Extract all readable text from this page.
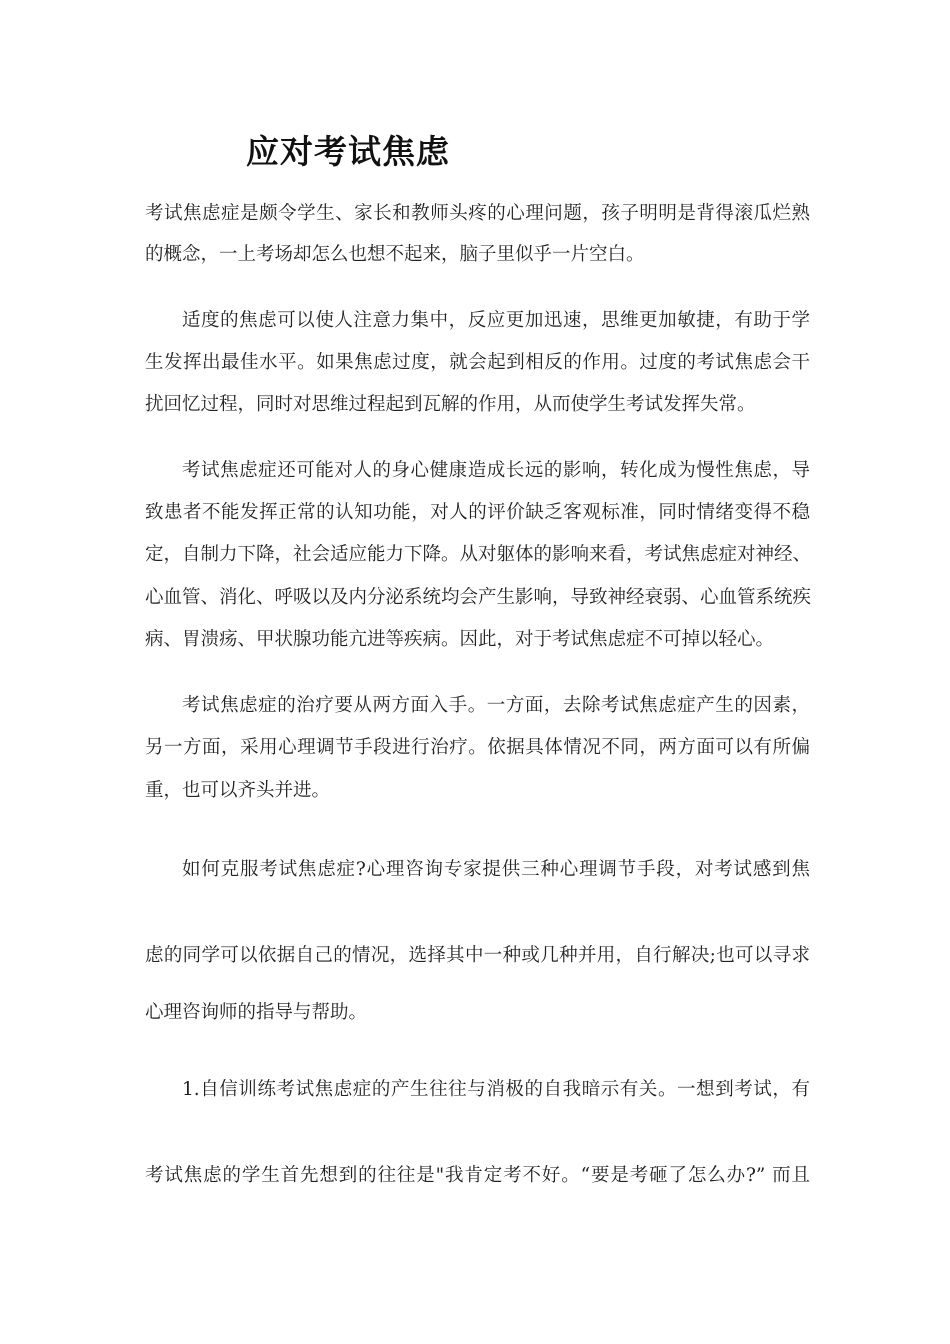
应对考试焦虑
考试焦虑症是颇令学生、家长和教师头疼的心理问题，孩子明明是背得滚瓜烂熟
的概念，一上考场却怎么也想不起来，脑子里似乎一片空白。
适度的焦虑可以使人注意力集中，反应更加迅速，思维更加敏捷，有助于学
生发挥出最佳水平。如果焦虑过度，就会起到相反的作用。过度的考试焦虑会干
扰回忆过程，同时对思维过程起到瓦解的作用，从而使学生考试发挥失常。
考试焦虑症还可能对人的身心健康造成长远的影响，转化成为慢性焦虑，导
致患者不能发挥正常的认知功能，对人的评价缺乏客观标准，同时情绪变得不稳
定，自制力下降，社会适应能力下降。从对躯体的影响来看，考试焦虑症对神经、
心血管、消化、呼吸以及内分泌系统均会产生影响，导致神经衰弱、心血管系统疾
病、胃溃疡、甲状腺功能亢进等疾病。因此，对于考试焦虑症不可掉以轻心。
考试焦虑症的治疗要从两方面入手。一方面，去除考试焦虑症产生的因素，
另一方面，采用心理调节手段进行治疗。依据具体情况不同，两方面可以有所偏
重，也可以齐头并进。
如何克服考试焦虑症?心理咨询专家提供三种心理调节手段，对考试感到焦
虑的同学可以依据自己的情况，选择其中一种或几种并用，自行解决;也可以寻求
心理咨询师的指导与帮助。
1.自信训练考试焦虑症的产生往往与消极的自我暗示有关。一想到考试，有
考试焦虑的学生首先想到的往往是"我肯定考不好。“要是考砸了怎么办?” 而且
